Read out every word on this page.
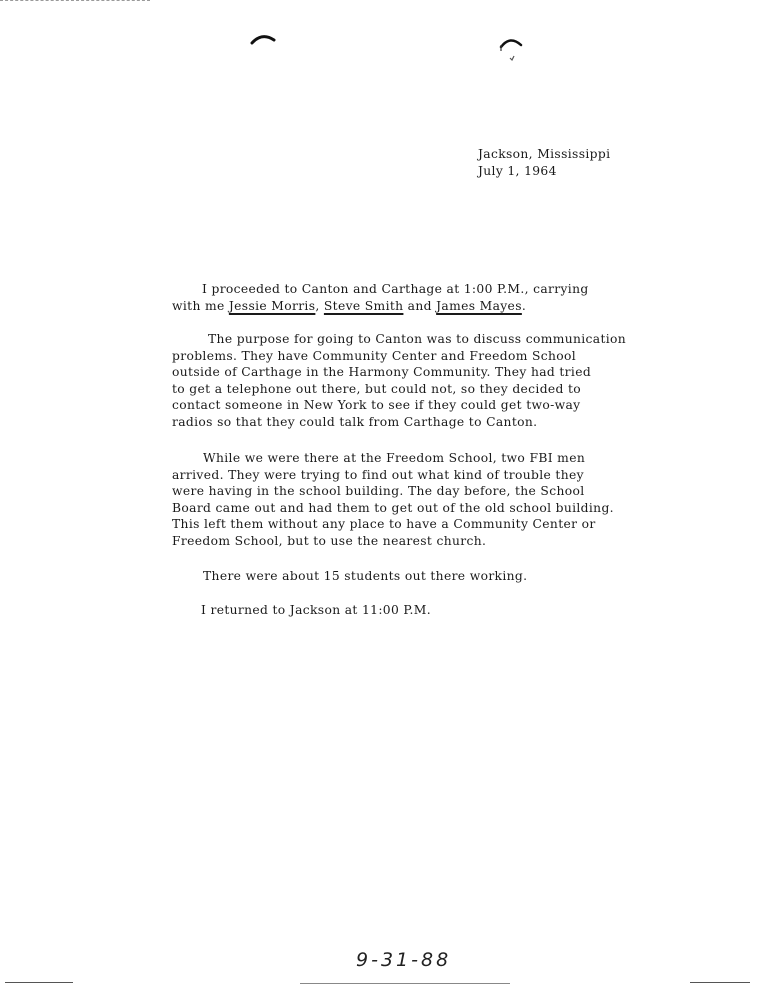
Jackson, Mississippi
July 1, 1964
I proceeded to Canton and Carthage at 1:00 P.M., carrying
with me Jessie Morris, Steve Smith and James Mayes.
The purpose for going to Canton was to discuss communication
problems. They have Community Center and Freedom School
outside of Carthage in the Harmony Community. They had tried
to get a telephone out there, but could not, so they decided to
contact someone in New York to see if they could get two-way
radios so that they could talk from Carthage to Canton.
While we were there at the Freedom School, two FBI men
arrived. They were trying to find out what kind of trouble they
were having in the school building. The day before, the School
Board came out and had them to get out of the old school building.
This left them without any place to have a Community Center or
Freedom School, but to use the nearest church.
There were about 15 students out there working.
I returned to Jackson at 11:00 P.M.
9-31-88
